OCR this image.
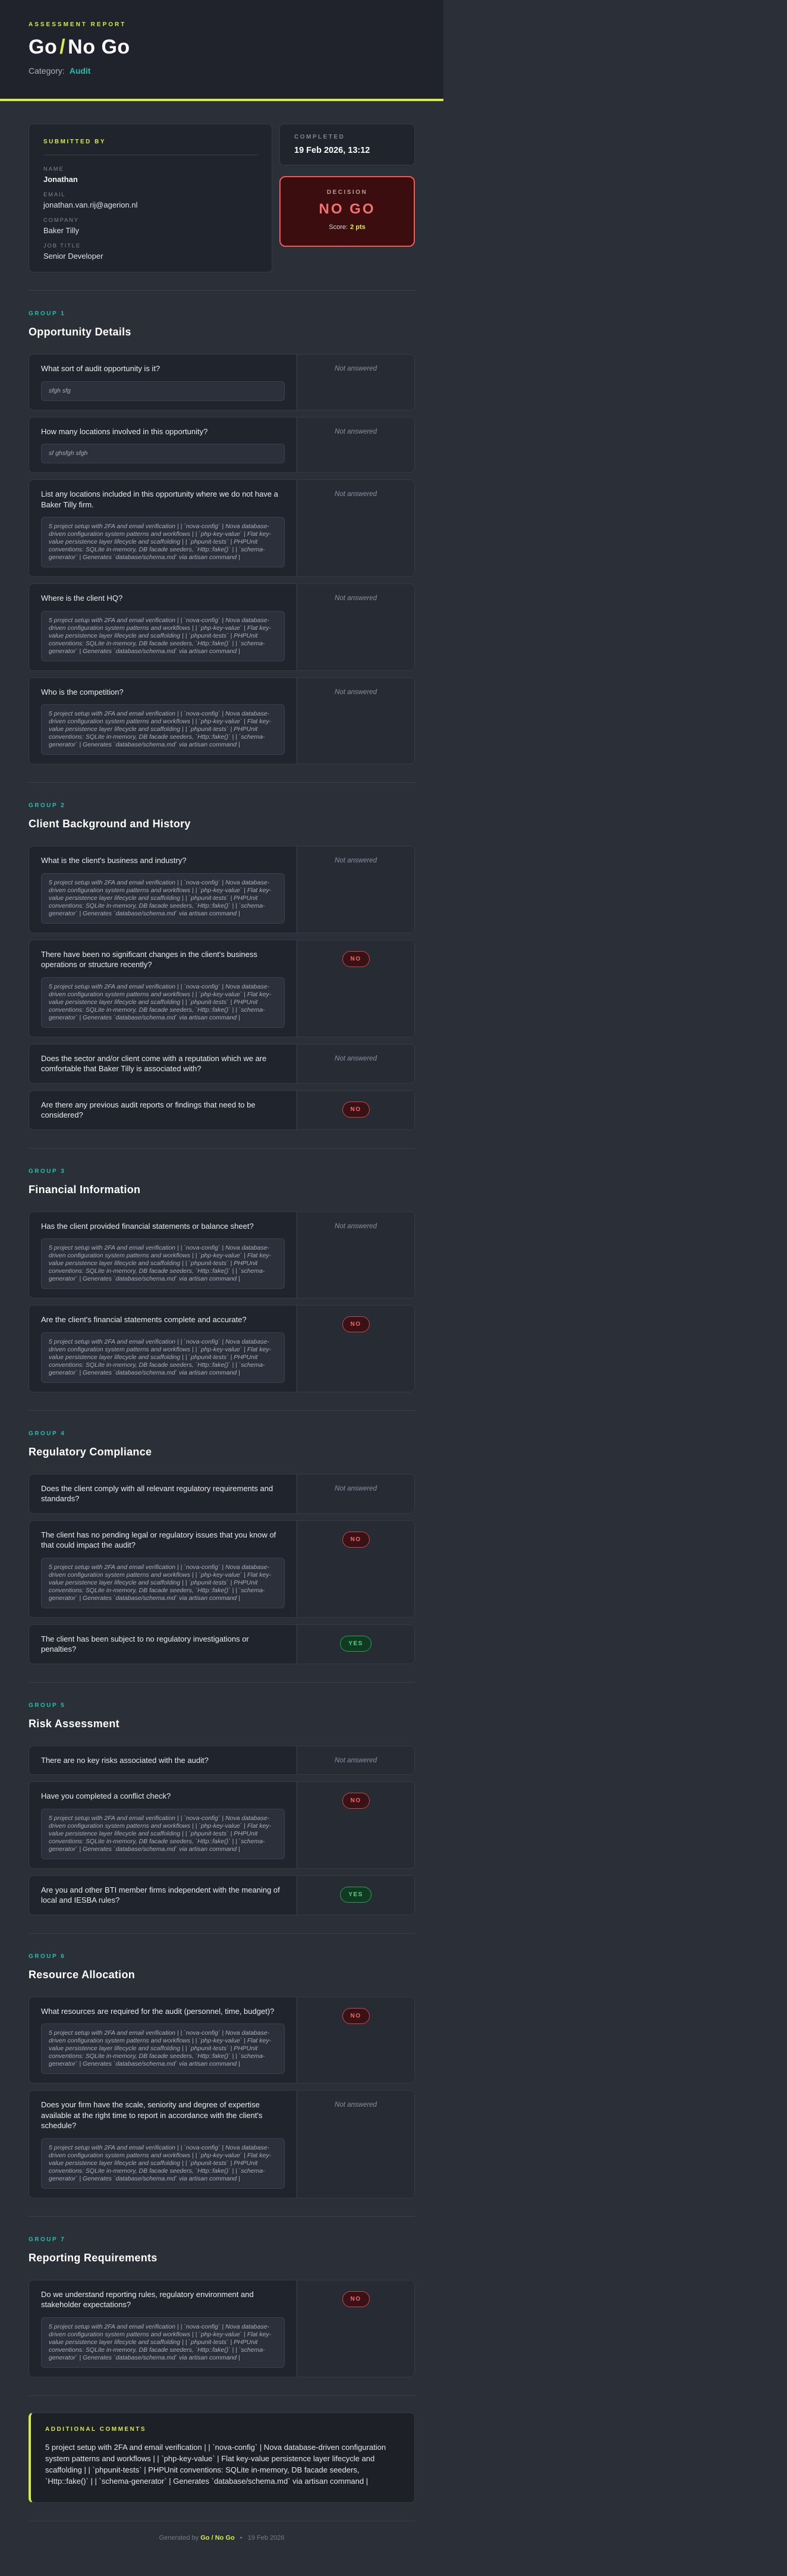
ASSESSMENT REPORT
Go / No Go
Category: Audit
SUBMITTED BY
NAME
Jonathan
EMAIL
jonathan.van.rij@agerion.nl
COMPANY
Baker Tilly
JOB TITLE
Senior Developer
COMPLETED
19 Feb 2026, 13:12
DECISION
NO GO
Score: 2 pts
GROUP 1
Opportunity Details
What sort of audit opportunity is it?
sfgh sfg
Not answered
How many locations involved in this opportunity?
sf ghsfgh sfgh
Not answered
List any locations included in this opportunity where we do not have a Baker Tilly firm.
5 project setup with 2FA and email verification | | `nova-config` | Nova database-driven configuration system patterns and workflows | | `php-key-value` | Flat key-value persistence layer lifecycle and scaffolding | | `phpunit-tests` | PHPUnit conventions: SQLite in-memory, DB facade seeders, `Http::fake()` | | `schema-generator` | Generates `database/schema.md` via artisan command |
Not answered
Where is the client HQ?
5 project setup with 2FA and email verification | | `nova-config` | Nova database-driven configuration system patterns and workflows | | `php-key-value` | Flat key-value persistence layer lifecycle and scaffolding | | `phpunit-tests` | PHPUnit conventions: SQLite in-memory, DB facade seeders, `Http::fake()` | | `schema-generator` | Generates `database/schema.md` via artisan command |
Not answered
Who is the competition?
5 project setup with 2FA and email verification | | `nova-config` | Nova database-driven configuration system patterns and workflows | | `php-key-value` | Flat key-value persistence layer lifecycle and scaffolding | | `phpunit-tests` | PHPUnit conventions: SQLite in-memory, DB facade seeders, `Http::fake()` | | `schema-generator` | Generates `database/schema.md` via artisan command |
Not answered
GROUP 2
Client Background and History
What is the client's business and industry?
5 project setup with 2FA and email verification | | `nova-config` | Nova database-driven configuration system patterns and workflows | | `php-key-value` | Flat key-value persistence layer lifecycle and scaffolding | | `phpunit-tests` | PHPUnit conventions: SQLite in-memory, DB facade seeders, `Http::fake()` | | `schema-generator` | Generates `database/schema.md` via artisan command |
Not answered
There have been no significant changes in the client's business operations or structure recently?
5 project setup with 2FA and email verification | | `nova-config` | Nova database-driven configuration system patterns and workflows | | `php-key-value` | Flat key-value persistence layer lifecycle and scaffolding | | `phpunit-tests` | PHPUnit conventions: SQLite in-memory, DB facade seeders, `Http::fake()` | | `schema-generator` | Generates `database/schema.md` via artisan command |
NO
Does the sector and/or client come with a reputation which we are comfortable that Baker Tilly is associated with?
Not answered
Are there any previous audit reports or findings that need to be considered?
NO
GROUP 3
Financial Information
Has the client provided financial statements or balance sheet?
5 project setup with 2FA and email verification | | `nova-config` | Nova database-driven configuration system patterns and workflows | | `php-key-value` | Flat key-value persistence layer lifecycle and scaffolding | | `phpunit-tests` | PHPUnit conventions: SQLite in-memory, DB facade seeders, `Http::fake()` | | `schema-generator` | Generates `database/schema.md` via artisan command |
Not answered
Are the client's financial statements complete and accurate?
5 project setup with 2FA and email verification | | `nova-config` | Nova database-driven configuration system patterns and workflows | | `php-key-value` | Flat key-value persistence layer lifecycle and scaffolding | | `phpunit-tests` | PHPUnit conventions: SQLite in-memory, DB facade seeders, `Http::fake()` | | `schema-generator` | Generates `database/schema.md` via artisan command |
NO
GROUP 4
Regulatory Compliance
Does the client comply with all relevant regulatory requirements and standards?
Not answered
The client has no pending legal or regulatory issues that you know of that could impact the audit?
5 project setup with 2FA and email verification | | `nova-config` | Nova database-driven configuration system patterns and workflows | | `php-key-value` | Flat key-value persistence layer lifecycle and scaffolding | | `phpunit-tests` | PHPUnit conventions: SQLite in-memory, DB facade seeders, `Http::fake()` | | `schema-generator` | Generates `database/schema.md` via artisan command |
NO
The client has been subject to no regulatory investigations or penalties?
YES
GROUP 5
Risk Assessment
There are no key risks associated with the audit?	Not answered
Have you completed a conflict check?
5 project setup with 2FA and email verification | | `nova-config` | Nova database-driven configuration system patterns and workflows | | `php-key-value` | Flat key-value persistence layer lifecycle and scaffolding | | `phpunit-tests` | PHPUnit conventions: SQLite in-memory, DB facade seeders, `Http::fake()` | | `schema-generator` | Generates `database/schema.md` via artisan command |
NO
Are you and other BTI member firms independent with the meaning of local and IESBA rules?
YES
GROUP 6
Resource Allocation
What resources are required for the audit (personnel, time, budget)?
5 project setup with 2FA and email verification | | `nova-config` | Nova database-driven configuration system patterns and workflows | | `php-key-value` | Flat key-value persistence layer lifecycle and scaffolding | | `phpunit-tests` | PHPUnit conventions: SQLite in-memory, DB facade seeders, `Http::fake()` | | `schema-generator` | Generates `database/schema.md` via artisan command |
NO
Does your firm have the scale, seniority and degree of expertise available at the right time to report in accordance with the client's schedule?
5 project setup with 2FA and email verification | | `nova-config` | Nova database-driven configuration system patterns and workflows | | `php-key-value` | Flat key-value persistence layer lifecycle and scaffolding | | `phpunit-tests` | PHPUnit conventions: SQLite in-memory, DB facade seeders, `Http::fake()` | | `schema-generator` | Generates `database/schema.md` via artisan command |
Not answered
GROUP 7
Reporting Requirements
Do we understand reporting rules, regulatory environment and stakeholder expectations?
5 project setup with 2FA and email verification | | `nova-config` | Nova database-driven configuration system patterns and workflows | | `php-key-value` | Flat key-value persistence layer lifecycle and scaffolding | | `phpunit-tests` | PHPUnit conventions: SQLite in-memory, DB facade seeders, `Http::fake()` | | `schema-generator` | Generates `database/schema.md` via artisan command |
NO
ADDITIONAL COMMENTS
5 project setup with 2FA and email verification | | `nova-config` | Nova database-driven configuration system patterns and workflows | | `php-key-value` | Flat key-value persistence layer lifecycle and scaffolding | | `phpunit-tests` | PHPUnit conventions: SQLite in-memory, DB facade seeders, `Http::fake()` | | `schema-generator` | Generates `database/schema.md` via artisan command |
Generated by Go / No Go • 19 Feb 2026
